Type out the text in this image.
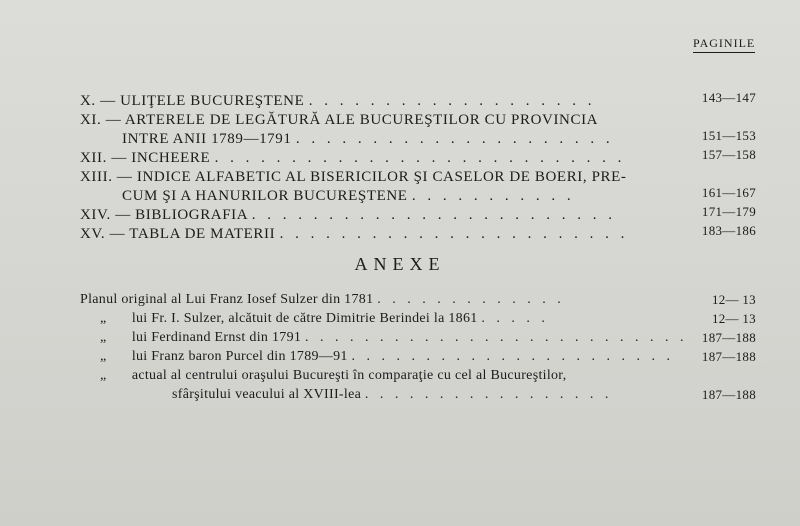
PAGINILE
X. — ULIŢELE BUCUREŞTENE . . . . . . . . . . . . . . . . . . .	143—147
XI. — ARTERELE DE LEGĂTURĂ ALE BUCUREŞTILOR CU PROVINCIA
INTRE ANII 1789—1791 . . . . . . . . . . . . . . . . . . . . .	151—153
XII. — INCHEERE . . . . . . . . . . . . . . . . . . . . . . . . . . .	157—158
XIII. — INDICE ALFABETIC AL BISERICILOR ŞI CASELOR DE BOERI, PRE-
CUM ŞI A HANURILOR BUCUREŞTENE . . . . . . . . . . .	161—167
XIV. — BIBLIOGRAFIA . . . . . . . . . . . . . . . . . . . . . . . .	171—179
XV. — TABLA DE MATERII . . . . . . . . . . . . . . . . . . . . . . .	183—186
ANEXE
Planul original al Lui Franz Iosef Sulzer din 1781 . . . . . . . . . . . . .	12— 13
„ lui Fr. I. Sulzer, alcătuit de către Dimitrie Berindei la 1861 . . . . .	12— 13
„ lui Ferdinand Ernst din 1791 . . . . . . . . . . . . . . . . . . . . . . . . . . 187—188
„ lui Franz baron Purcel din 1789—91 . . . . . . . . . . . . . . . . . . . . . . 187—188
„ actual al centrului oraşului Bucureşti în comparaţie cu cel al Bucureştilor,
sfârşitului veacului al XVIII-lea . . . . . . . . . . . . . . . . .	187—188
